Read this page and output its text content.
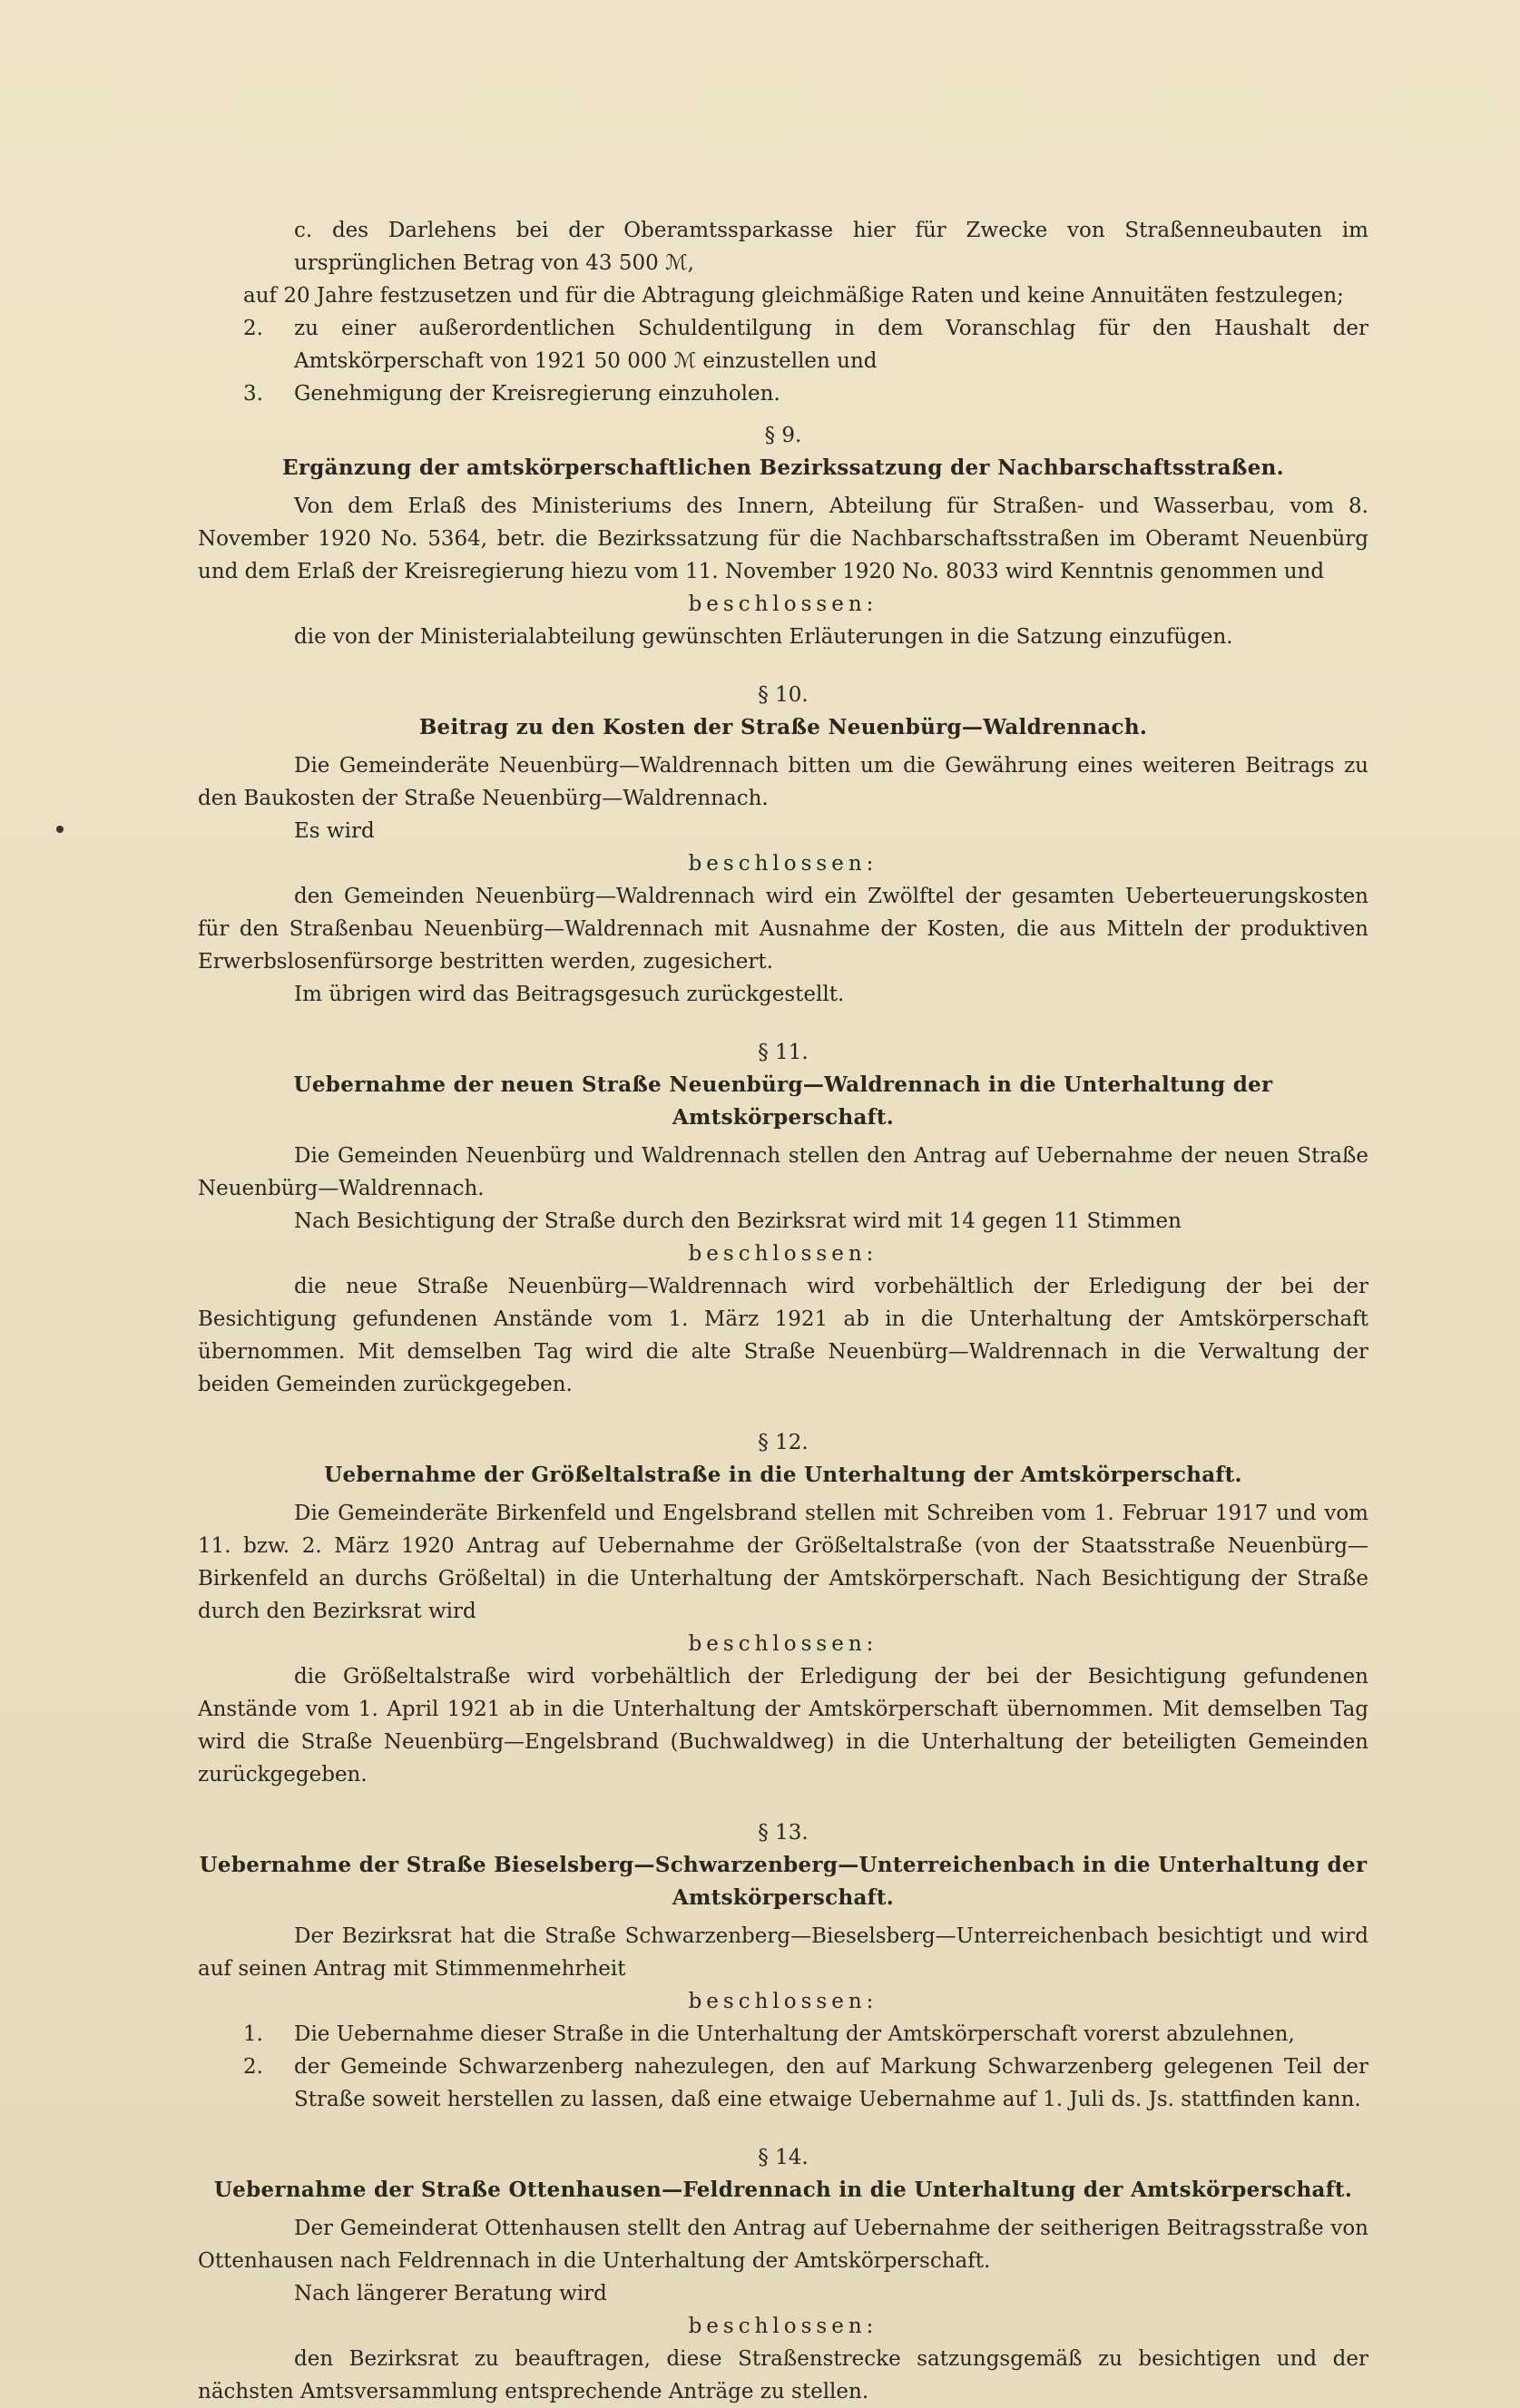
c. des Darlehens bei der Oberamtssparkasse hier für Zwecke von Straßenneubauten im ursprünglichen Betrag von 43 500 ℳ,

auf 20 Jahre festzusetzen und für die Abtragung gleichmäßige Raten und keine Annuitäten festzulegen;

2.	zu einer außerordentlichen Schuldentilgung in dem Voranschlag für den Haushalt der Amtskörperschaft von 1921 50 000 ℳ einzustellen und
3.	Genehmigung der Kreisregierung einzuholen.

§ 9.

Ergänzung der amtskörperschaftlichen Bezirkssatzung der Nachbarschaftsstraßen.

Von dem Erlaß des Ministeriums des Innern, Abteilung für Straßen- und Wasserbau, vom 8. November 1920 No. 5364, betr. die Bezirkssatzung für die Nachbarschaftsstraßen im Oberamt Neuenbürg und dem Erlaß der Kreisregierung hiezu vom 11. November 1920 No. 8033 wird Kenntnis genommen und

beschlossen:

die von der Ministerialabteilung gewünschten Erläuterungen in die Satzung einzufügen.

§ 10.

Beitrag zu den Kosten der Straße Neuenbürg—Waldrennach.

Die Gemeinderäte Neuenbürg—Waldrennach bitten um die Gewährung eines weiteren Beitrags zu den Baukosten der Straße Neuenbürg—Waldrennach.

Es wird

beschlossen:

den Gemeinden Neuenbürg—Waldrennach wird ein Zwölftel der gesamten Ueberteuerungskosten für den Straßenbau Neuenbürg—Waldrennach mit Ausnahme der Kosten, die aus Mitteln der produktiven Erwerbslosenfürsorge bestritten werden, zugesichert.

Im übrigen wird das Beitragsgesuch zurückgestellt.

§ 11.

Uebernahme der neuen Straße Neuenbürg—Waldrennach in die Unterhaltung der Amtskörperschaft.

Die Gemeinden Neuenbürg und Waldrennach stellen den Antrag auf Uebernahme der neuen Straße Neuenbürg—Waldrennach.

Nach Besichtigung der Straße durch den Bezirksrat wird mit 14 gegen 11 Stimmen

beschlossen:

die neue Straße Neuenbürg—Waldrennach wird vorbehältlich der Erledigung der bei der Besichtigung gefundenen Anstände vom 1. März 1921 ab in die Unterhaltung der Amtskörperschaft übernommen. Mit demselben Tag wird die alte Straße Neuenbürg—Waldrennach in die Verwaltung der beiden Gemeinden zurückgegeben.

§ 12.

Uebernahme der Größeltalstraße in die Unterhaltung der Amtskörperschaft.

Die Gemeinderäte Birkenfeld und Engelsbrand stellen mit Schreiben vom 1. Februar 1917 und vom 11. bzw. 2. März 1920 Antrag auf Uebernahme der Größeltalstraße (von der Staatsstraße Neuenbürg—Birkenfeld an durchs Größeltal) in die Unterhaltung der Amtskörperschaft. Nach Besichtigung der Straße durch den Bezirksrat wird

beschlossen:

die Größeltalstraße wird vorbehältlich der Erledigung der bei der Besichtigung gefundenen Anstände vom 1. April 1921 ab in die Unterhaltung der Amtskörperschaft übernommen. Mit demselben Tag wird die Straße Neuenbürg—Engelsbrand (Buchwaldweg) in die Unterhaltung der beteiligten Gemeinden zurückgegeben.

§ 13.

Uebernahme der Straße Bieselsberg—Schwarzenberg—Unterreichenbach in die Unterhaltung der Amtskörperschaft.

Der Bezirksrat hat die Straße Schwarzenberg—Bieselsberg—Unterreichenbach besichtigt und wird auf seinen Antrag mit Stimmenmehrheit

beschlossen:

1.	Die Uebernahme dieser Straße in die Unterhaltung der Amtskörperschaft vorerst abzulehnen,
2.	der Gemeinde Schwarzenberg nahezulegen, den auf Markung Schwarzenberg gelegenen Teil der Straße soweit herstellen zu lassen, daß eine etwaige Uebernahme auf 1. Juli ds. Js. stattfinden kann.

§ 14.

Uebernahme der Straße Ottenhausen—Feldrennach in die Unterhaltung der Amtskörperschaft.

Der Gemeinderat Ottenhausen stellt den Antrag auf Uebernahme der seitherigen Beitragsstraße von Ottenhausen nach Feldrennach in die Unterhaltung der Amtskörperschaft.

Nach längerer Beratung wird

beschlossen:

den Bezirksrat zu beauftragen, diese Straßenstrecke satzungsgemäß zu besichtigen und der nächsten Amtsversammlung entsprechende Anträge zu stellen.
